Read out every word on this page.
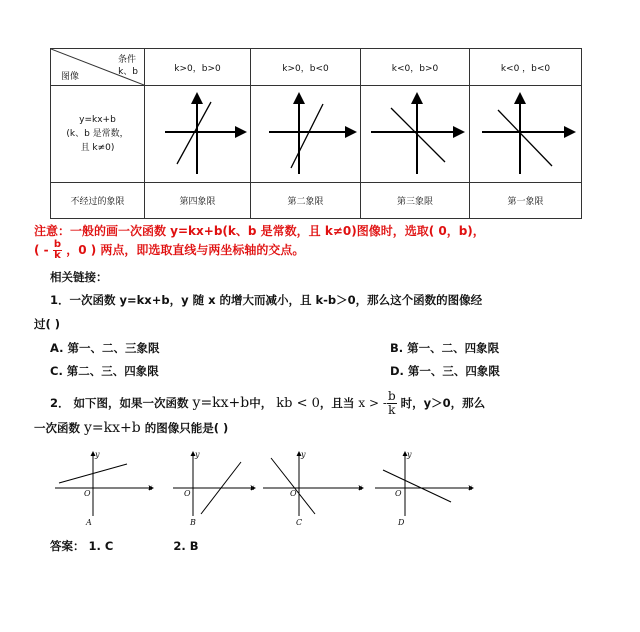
条件
k、b
图像	k>0，b>0	k>0，b<0	k<0，b>0	k<0 ，b<0

y=kx+b
(k、b 是常数，
且 k≠0)

不经过的象限	第四象限	第二象限	第三象限	第一象限
注意：一般的画一次函数 y=kx+b(k、b 是常数，且 k≠0)图像时，选取( 0，b)，
( - $\frac{b}{k}$ ，0 ) 两点，即选取直线与两坐标轴的交点。
相关链接：
1．一次函数 y=kx+b，y 随 x 的增大而减小，且 k-b＞0，那么这个函数的图像经
过( )
A. 第一、二、三象限	B. 第一、二、四象限
C. 第二、三、四象限	D. 第一、三、四象限
2． 如下图，如果一次函数 y=kx+b中， kb < 0，且当 x > - $\frac{b}{k}$ 时，y＞0，那么
一次函数 y=kx+b 的图像只能是( )
y
x
O
A
y
x
O
B
y
x
O
C
y
x
O
D
答案： 1. C	2. B
